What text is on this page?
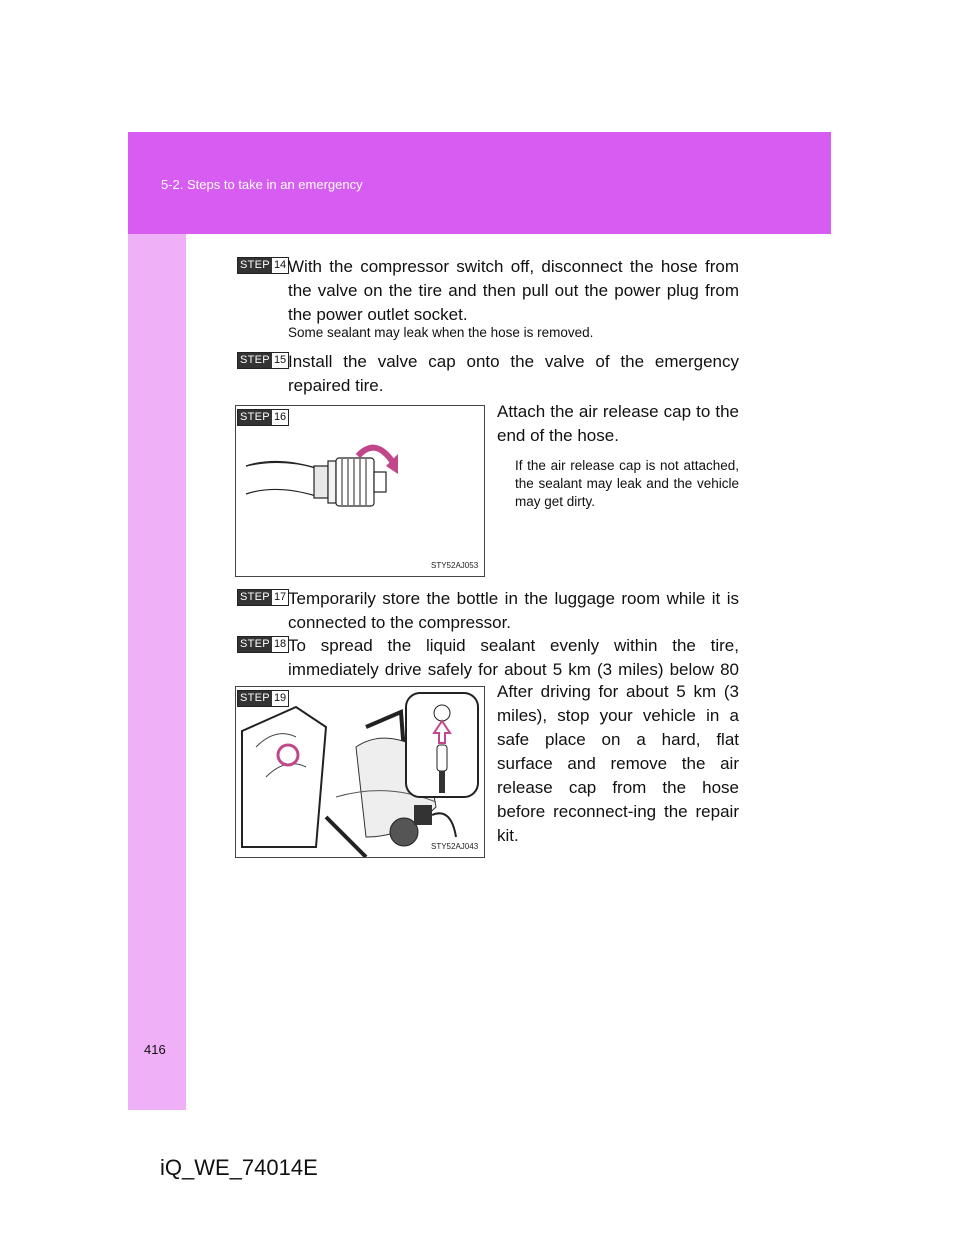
5-2. Steps to take in an emergency
STEP 14 With the compressor switch off, disconnect the hose from the valve on the tire and then pull out the power plug from the power outlet socket.
Some sealant may leak when the hose is removed.
STEP 15 Install the valve cap onto the valve of the emergency repaired tire.
STEP 16
STY52AJ053
Attach the air release cap to the end of the hose.
If the air release cap is not attached, the sealant may leak and the vehicle may get dirty.
STEP 17 Temporarily store the bottle in the luggage room while it is connected to the compressor.
STEP 18 To spread the liquid sealant evenly within the tire, immediately drive safely for about 5 km (3 miles) below 80
STEP 19
STY52AJ043
After driving for about 5 km (3 miles), stop your vehicle in a safe place on a hard, flat surface and remove the air release cap from the hose before reconnect-ing the repair kit.
416
iQ_WE_74014E
